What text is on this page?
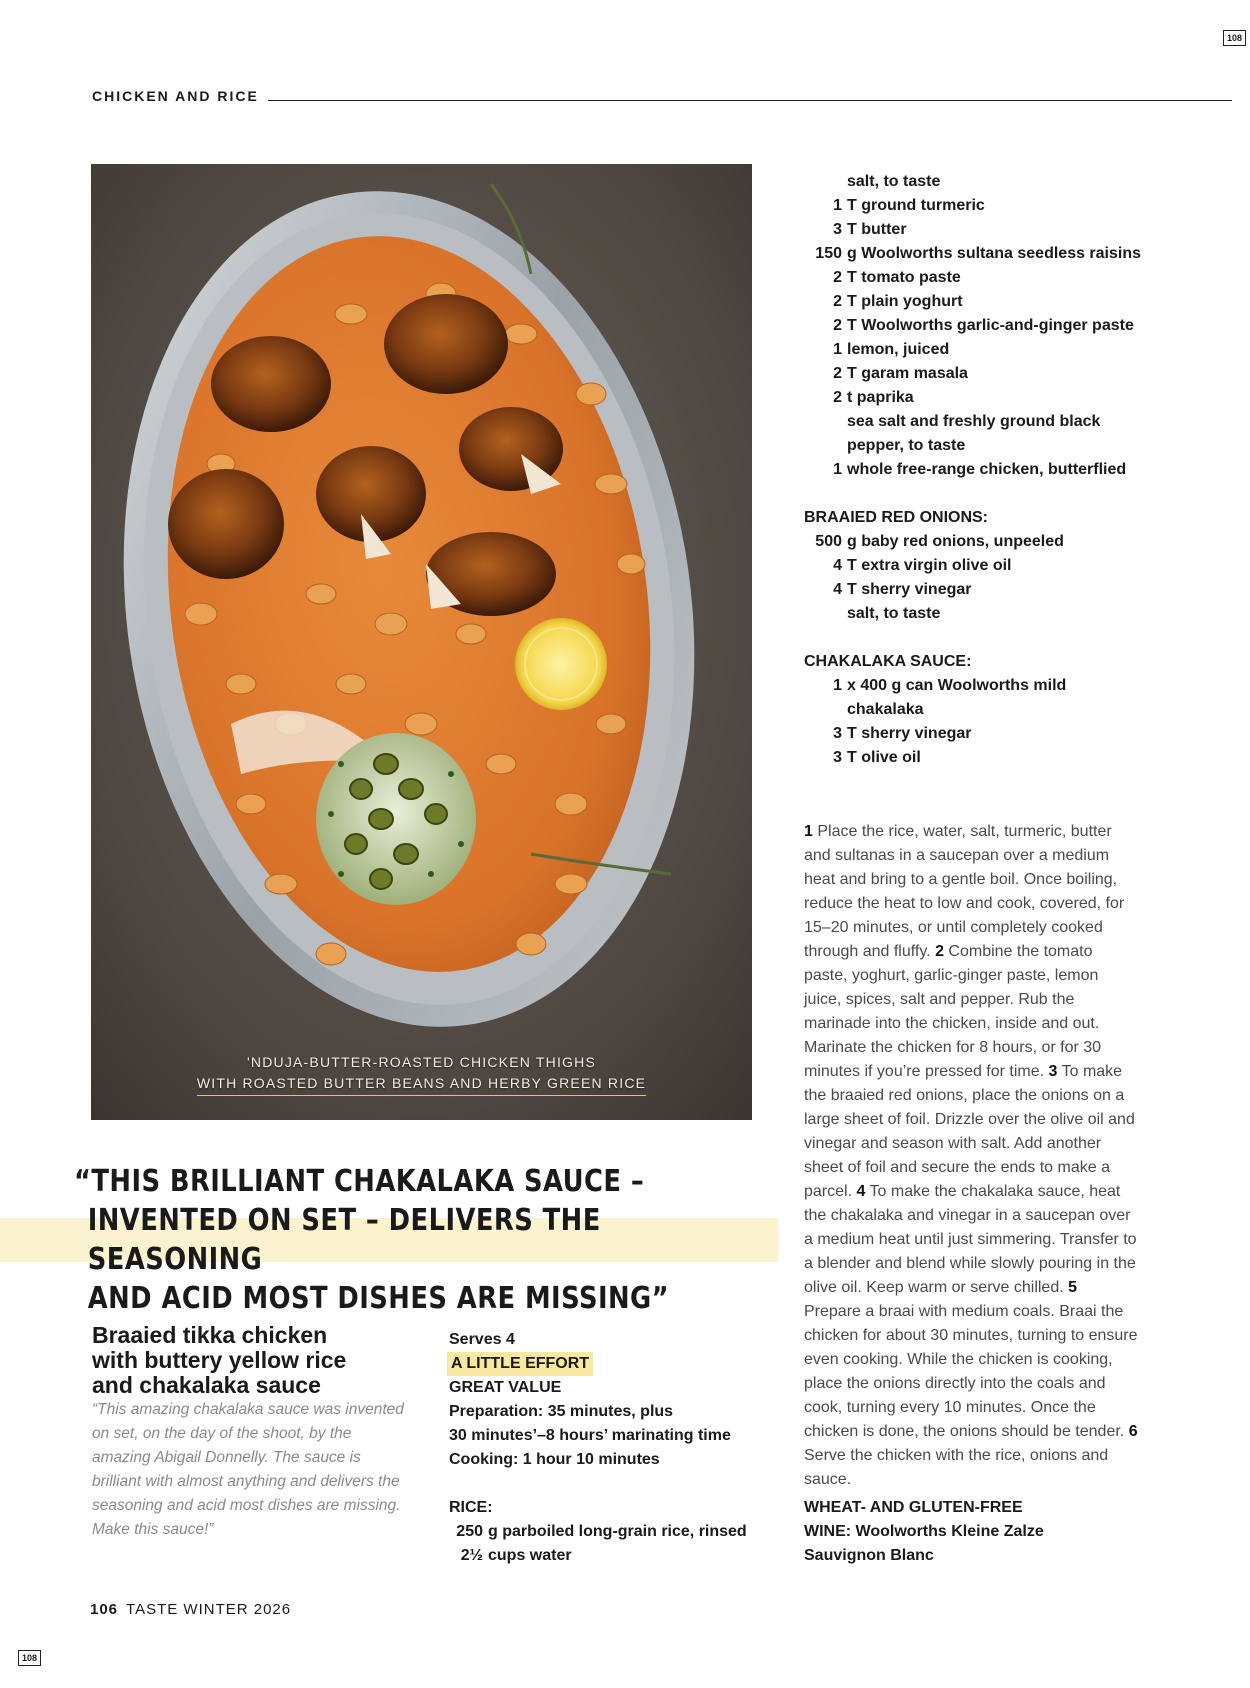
108
CHICKEN AND RICE
'NDUJA-BUTTER-ROASTED CHICKEN THIGHS
WITH ROASTED BUTTER BEANS AND HERBY GREEN RICE
“THIS BRILLIANT CHAKALAKA SAUCE –
INVENTED ON SET – DELIVERS THE SEASONING
AND ACID MOST DISHES ARE MISSING”
Braaied tikka chicken
with buttery yellow rice
and chakalaka sauce
“This amazing chakalaka sauce was invented on set, on the day of the shoot, by the amazing Abigail Donnelly. The sauce is brilliant with almost anything and delivers the seasoning and acid most dishes are missing. Make this sauce!”
Serves 4
A LITTLE EFFORT
GREAT VALUE
Preparation: 35 minutes, plus
30 minutes’–8 hours’ marinating time
Cooking: 1 hour 10 minutes
RICE:
250 g parboiled long-grain rice, rinsed
2½ cups water
salt, to taste
1 T ground turmeric
3 T butter
150 g Woolworths sultana seedless raisins
2 T tomato paste
2 T plain yoghurt
2 T Woolworths garlic-and-ginger paste
1 lemon, juiced
2 T garam masala
2 t paprika
sea salt and freshly ground black pepper, to taste
1 whole free-range chicken, butterflied
BRAAIED RED ONIONS:
500 g baby red onions, unpeeled
4 T extra virgin olive oil
4 T sherry vinegar
salt, to taste
CHAKALAKA SAUCE:
1 x 400 g can Woolworths mild chakalaka
3 T sherry vinegar
3 T olive oil
1 Place the rice, water, salt, turmeric, butter and sultanas in a saucepan over a medium heat and bring to a gentle boil. Once boiling, reduce the heat to low and cook, covered, for 15–20 minutes, or until completely cooked through and fluffy. 2 Combine the tomato paste, yoghurt, garlic-ginger paste, lemon juice, spices, salt and pepper. Rub the marinade into the chicken, inside and out. Marinate the chicken for 8 hours, or for 30 minutes if you’re pressed for time. 3 To make the braaied red onions, place the onions on a large sheet of foil. Drizzle over the olive oil and vinegar and season with salt. Add another sheet of foil and secure the ends to make a parcel. 4 To make the chakalaka sauce, heat the chakalaka and vinegar in a saucepan over a medium heat until just simmering. Transfer to a blender and blend while slowly pouring in the olive oil. Keep warm or serve chilled. 5 Prepare a braai with medium coals. Braai the chicken for about 30 minutes, turning to ensure even cooking. While the chicken is cooking, place the onions directly into the coals and cook, turning every 10 minutes. Once the chicken is done, the onions should be tender. 6 Serve the chicken with the rice, onions and sauce.
WHEAT- AND GLUTEN-FREE
WINE: Woolworths Kleine Zalze
Sauvignon Blanc
106 TASTE WINTER 2026
108
